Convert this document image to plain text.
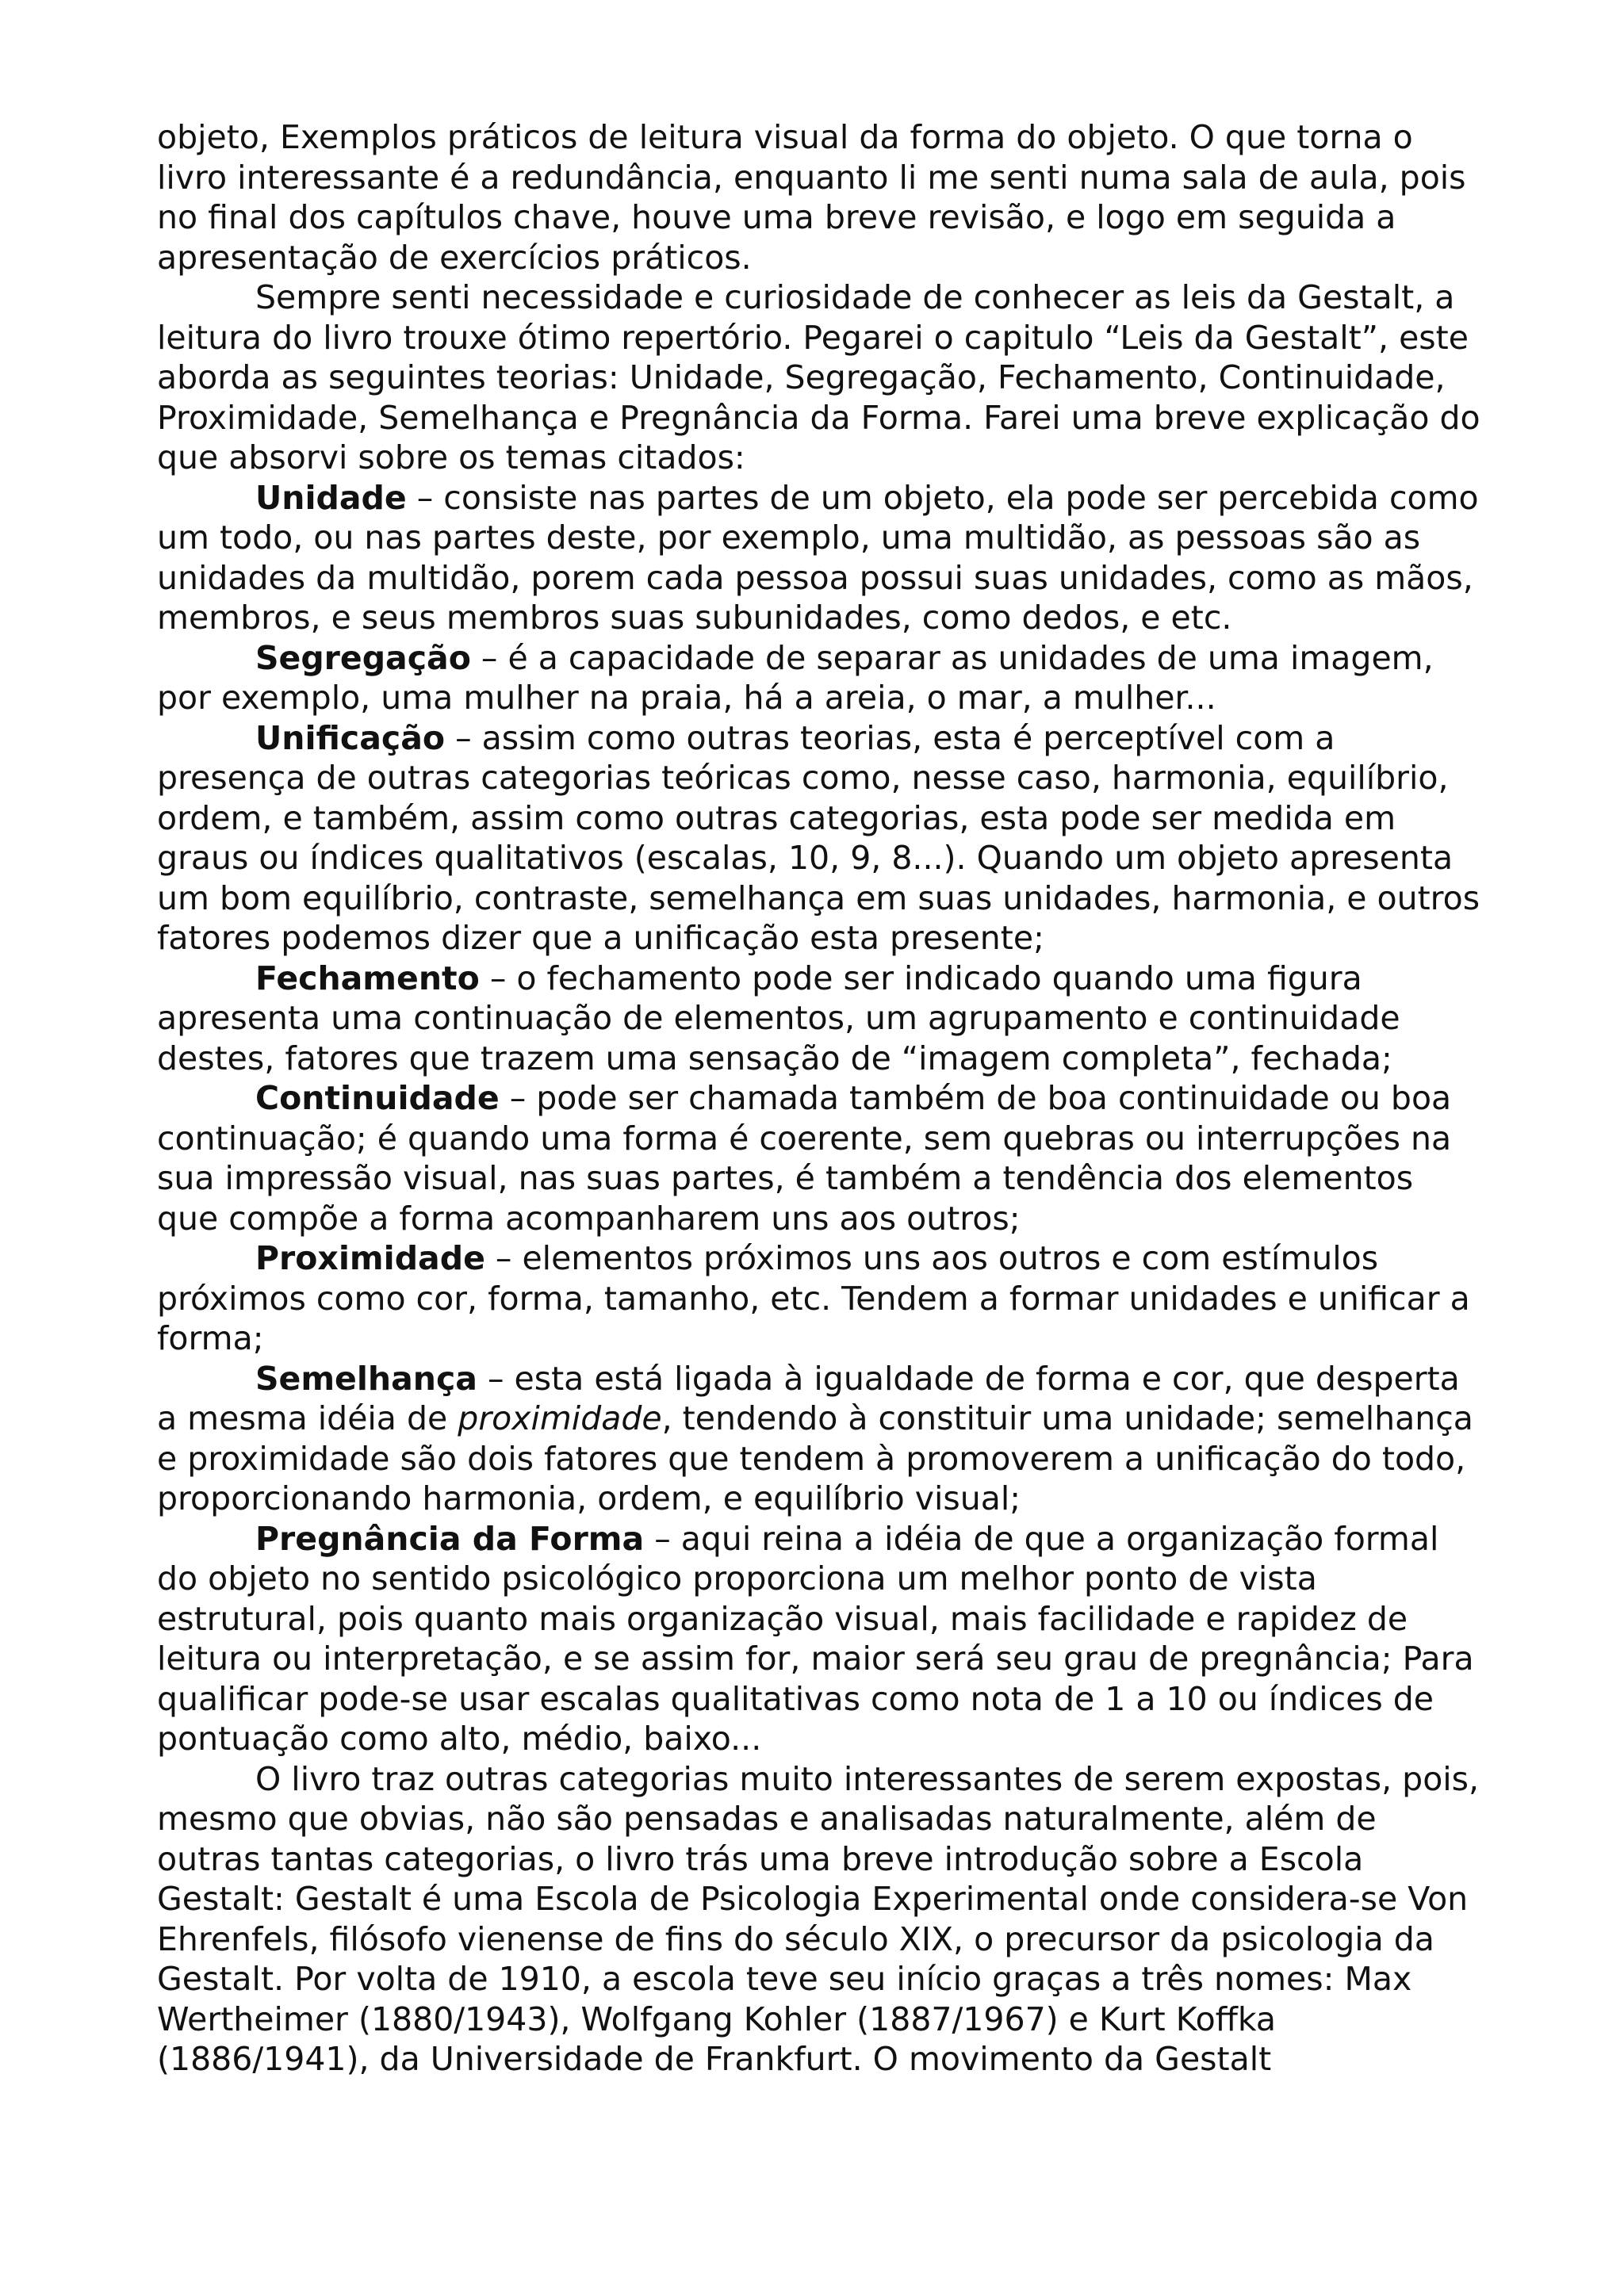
objeto, Exemplos práticos de leitura visual da forma do objeto. O que torna o livro interessante é a redundância, enquanto li me senti numa sala de aula, pois no final dos capítulos chave, houve uma breve revisão, e logo em seguida a apresentação de exercícios práticos.

Sempre senti necessidade e curiosidade de conhecer as leis da Gestalt, a leitura do livro trouxe ótimo repertório. Pegarei o capitulo “Leis da Gestalt”, este aborda as seguintes teorias: Unidade, Segregação, Fechamento, Continuidade, Proximidade, Semelhança e Pregnância da Forma. Farei uma breve explicação do que absorvi sobre os temas citados:

Unidade – consiste nas partes de um objeto, ela pode ser percebida como um todo, ou nas partes deste, por exemplo, uma multidão, as pessoas são as unidades da multidão, porem cada pessoa possui suas unidades, como as mãos, membros, e seus membros suas subunidades, como dedos, e etc.

Segregação – é a capacidade de separar as unidades de uma imagem, por exemplo, uma mulher na praia, há a areia, o mar, a mulher...

Unificação – assim como outras teorias, esta é perceptível com a presença de outras categorias teóricas como, nesse caso, harmonia, equilíbrio, ordem, e também, assim como outras categorias, esta pode ser medida em graus ou índices qualitativos (escalas, 10, 9, 8...). Quando um objeto apresenta um bom equilíbrio, contraste, semelhança em suas unidades, harmonia, e outros fatores podemos dizer que a unificação esta presente;

Fechamento – o fechamento pode ser indicado quando uma figura apresenta uma continuação de elementos, um agrupamento e continuidade destes, fatores que trazem uma sensação de “imagem completa”, fechada;

Continuidade – pode ser chamada também de boa continuidade ou boa continuação; é quando uma forma é coerente, sem quebras ou interrupções na sua impressão visual, nas suas partes, é também a tendência dos elementos que compõe a forma acompanharem uns aos outros;

Proximidade – elementos próximos uns aos outros e com estímulos próximos como cor, forma, tamanho, etc. Tendem a formar unidades e unificar a forma;

Semelhança – esta está ligada à igualdade de forma e cor, que desperta a mesma idéia de proximidade, tendendo à constituir uma unidade; semelhança e proximidade são dois fatores que tendem à promoverem a unificação do todo, proporcionando harmonia, ordem, e equilíbrio visual;

Pregnância da Forma – aqui reina a idéia de que a organização formal do objeto no sentido psicológico proporciona um melhor ponto de vista estrutural, pois quanto mais organização visual, mais facilidade e rapidez de leitura ou interpretação, e se assim for, maior será seu grau de pregnância; Para qualificar pode-se usar escalas qualitativas como nota de 1 a 10 ou índices de pontuação como alto, médio, baixo...

O livro traz outras categorias muito interessantes de serem expostas, pois, mesmo que obvias, não são pensadas e analisadas naturalmente, além de outras tantas categorias, o livro trás uma breve introdução sobre a Escola Gestalt: Gestalt é uma Escola de Psicologia Experimental onde considera-se Von Ehrenfels, filósofo vienense de fins do século XIX, o precursor da psicologia da Gestalt. Por volta de 1910, a escola teve seu início graças a três nomes: Max Wertheimer (1880/1943), Wolfgang Kohler (1887/1967) e Kurt Koffka (1886/1941), da Universidade de Frankfurt. O movimento da Gestalt
